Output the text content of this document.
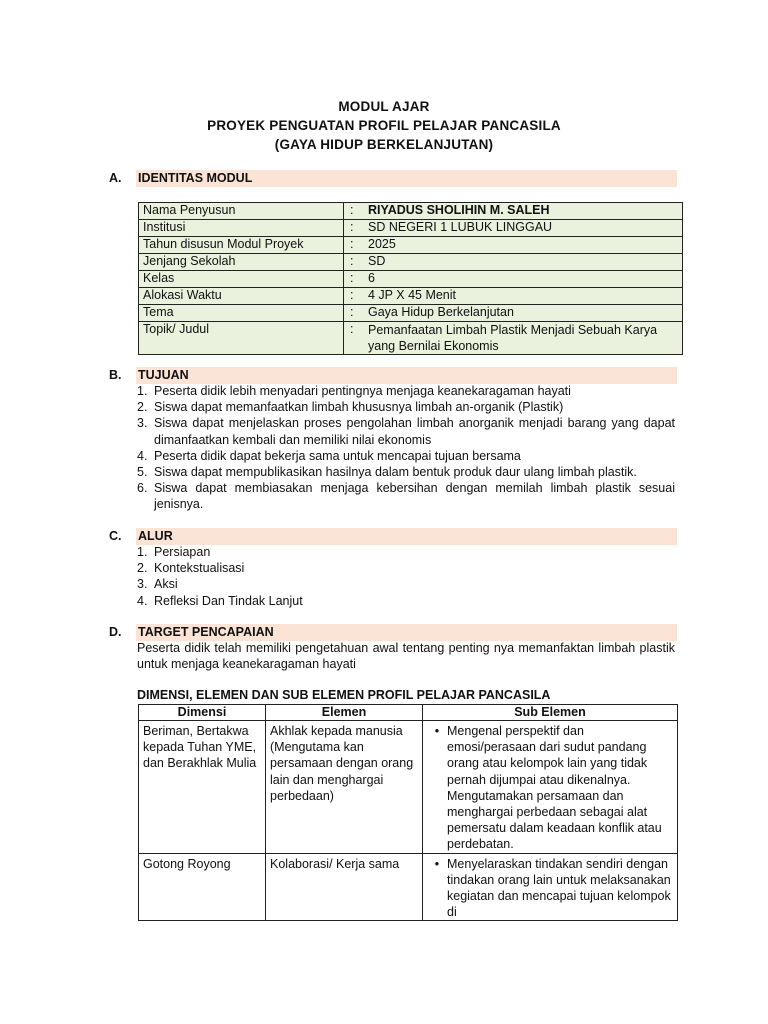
MODUL AJAR
PROYEK PENGUATAN PROFIL PELAJAR PANCASILA
(GAYA HIDUP BERKELANJUTAN)
A. IDENTITAS MODUL
Nama Penyusun	: RIYADUS SHOLIHIN M. SALEH
Institusi	: SD NEGERI 1 LUBUK LINGGAU
Tahun disusun Modul Proyek	: 2025
Jenjang Sekolah	: SD
Kelas	: 6
Alokasi Waktu	: 4 JP X 45 Menit
Tema	: Gaya Hidup Berkelanjutan
Topik/ Judul	: Pemanfaatan Limbah Plastik Menjadi Sebuah Karya yang Bernilai Ekonomis
B. TUJUAN
1. Peserta didik lebih menyadari pentingnya menjaga keanekaragaman hayati
2. Siswa dapat memanfaatkan limbah khususnya limbah an-organik (Plastik)
3. Siswa dapat menjelaskan proses pengolahan limbah anorganik menjadi barang yang dapat dimanfaatkan kembali dan memiliki nilai ekonomis
4. Peserta didik dapat bekerja sama untuk mencapai tujuan bersama
5. Siswa dapat mempublikasikan hasilnya dalam bentuk produk daur ulang limbah plastik.
6. Siswa dapat membiasakan menjaga kebersihan dengan memilah limbah plastik sesuai jenisnya.
C. ALUR
1. Persiapan
2. Kontekstualisasi
3. Aksi
4. Refleksi Dan Tindak Lanjut
D. TARGET PENCAPAIAN
Peserta didik telah memiliki pengetahuan awal tentang penting nya memanfaktan limbah plastik untuk menjaga keanekaragaman hayati
DIMENSI, ELEMEN DAN SUB ELEMEN PROFIL PELAJAR PANCASILA
Dimensi	Elemen	Sub Elemen
Beriman, Bertakwa kepada Tuhan YME, dan Berakhlak Mulia	Akhlak kepada manusia (Mengutama kan persamaan dengan orang lain dan menghargai perbedaan)	• Mengenal perspektif dan emosi/perasaan dari sudut pandang orang atau kelompok lain yang tidak pernah dijumpai atau dikenalnya.
Mengutamakan persamaan dan menghargai perbedaan sebagai alat pemersatu dalam keadaan konflik atau perdebatan.

Gotong Royong	Kolaborasi/ Kerja sama	• Menyelaraskan tindakan sendiri dengan tindakan orang lain untuk melaksanakan kegiatan dan mencapai tujuan kelompok di
